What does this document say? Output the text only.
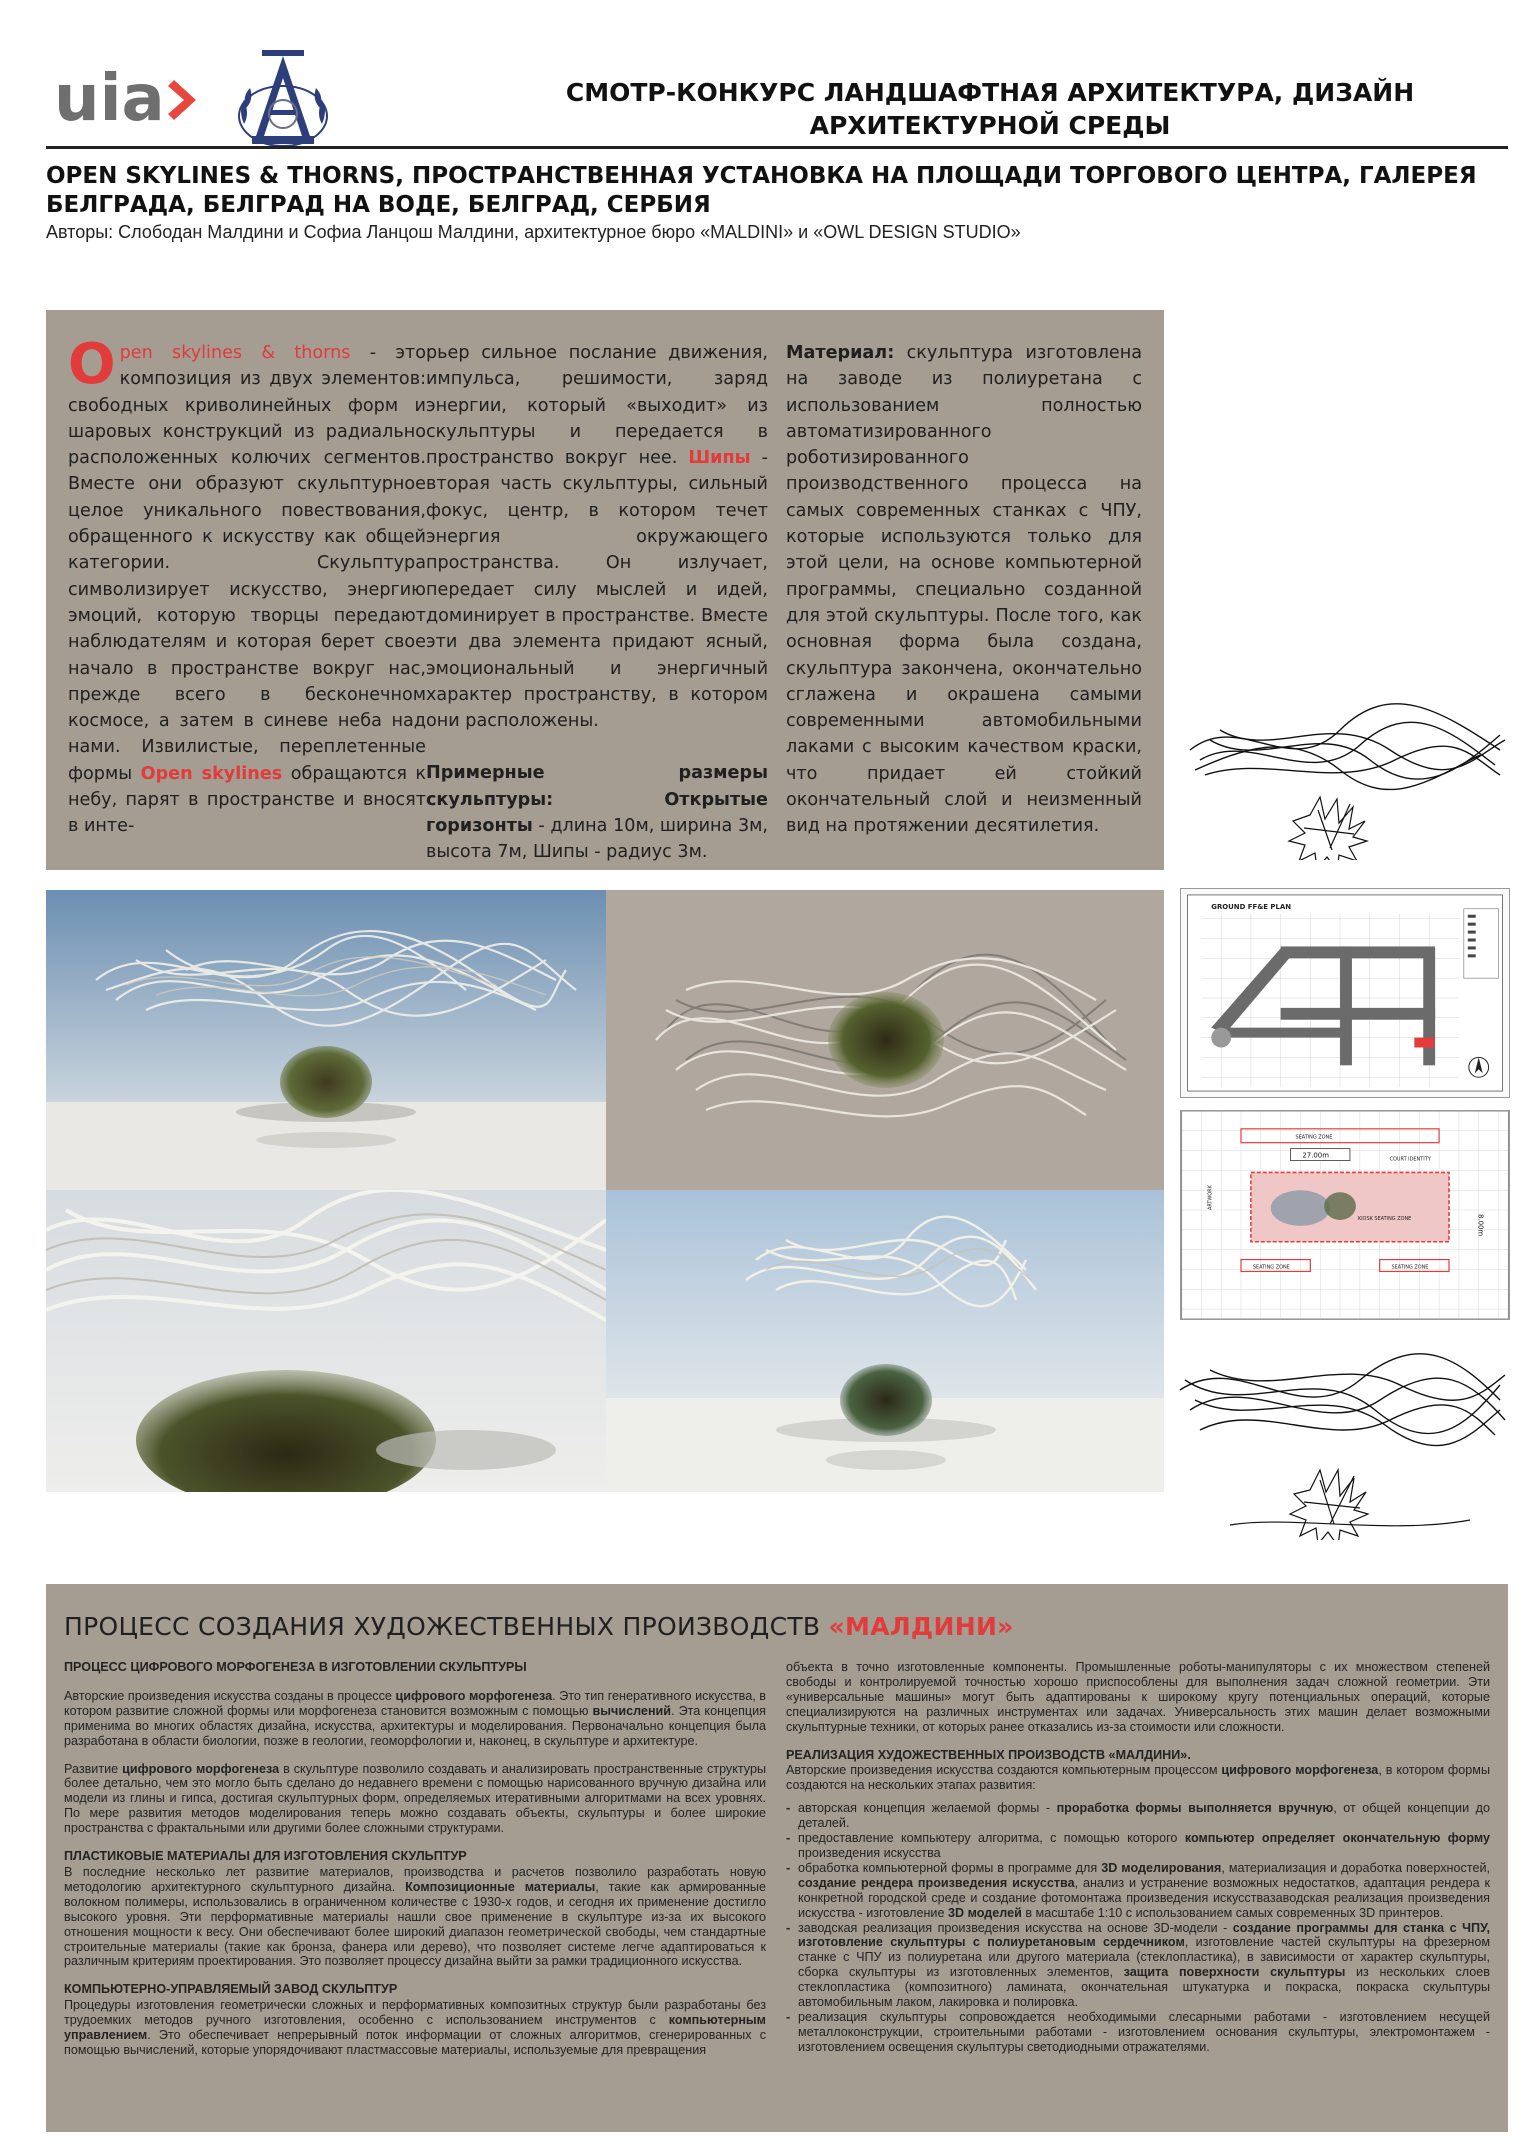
uia	СМОТР-КОНКУРС ЛАНДШАФТНАЯ АРХИТЕКТУРА, ДИЗАЙН АРХИТЕКТУРНОЙ СРЕДЫ
OPEN SKYLINES & THORNS, ПРОСТРАНСТВЕННАЯ УСТАНОВКА НА ПЛОЩАДИ ТОРГОВОГО ЦЕНТРА, ГАЛЕРЕЯ БЕЛГРАДА, БЕЛГРАД НА ВОДЕ, БЕЛГРАД, СЕРБИЯ
Авторы: Слободан Малдини и Софиа Ланцош Малдини, архитектурное бюро «MALDINI» и «OWL DESIGN STUDIO»
Open skylines & thorns - это композиция из двух элементов: свободных криволинейных форм и шаровых конструкций из радиально расположенных колючих сегментов. Вместе они образуют скульптурное целое уникального повествования, обращенного к искусству как общей категории. Скульптура символизирует искусство, энергию эмоций, которую творцы передают наблюдателям и которая берет свое начало в пространстве вокруг нас, прежде всего в бесконечном космосе, а затем в синеве неба над нами. Извилистые, переплетенные формы Open skylines обращаются к небу, парят в пространстве и вносят в инте-
рьер сильное послание движения, импульса, решимости, заряд энергии, который «выходит» из скульптуры и передается в пространство вокруг нее. Шипы - вторая часть скульптуры, сильный фокус, центр, в котором течет энергия окружающего пространства. Он излучает, передает силу мыслей и идей, доминирует в пространстве. Вместе эти два элемента придают ясный, эмоциональный и энергичный характер пространству, в котором они расположены.
Примерные размеры скульптуры: Открытые горизонты - длина 10м, ширина 3м, высота 7м, Шипы - радиус 3м.
Материал: скульптура изготовлена на заводе из полиуретана с использованием полностью автоматизированного роботизированного производственного процесса на самых современных станках с ЧПУ, которые используются только для этой цели, на основе компьютерной программы, специально созданной для этой скульптуры. После того, как основная форма была создана, скульптура закончена, окончательно сглажена и окрашена самыми современными автомобильными лаками с высоким качеством краски, что придает ей стойкий окончательный слой и неизменный вид на протяжении десятилетия.
GROUND FF&E PLAN
SEATING ZONE
COURT IDENTITY
27.00m
KIOSK SEATING ZONE	8.00m
ARTWORK
SEATING ZONE	SEATING ZONE
ПРОЦЕСС СОЗДАНИЯ ХУДОЖЕСТВЕННЫХ ПРОИЗВОДСТВ «МАЛДИНИ»
ПРОЦЕСС ЦИФРОВОГО МОРФОГЕНЕЗА В ИЗГОТОВЛЕНИИ СКУЛЬПТУРЫ

Авторские произведения искусства созданы в процессе цифрового морфогенеза. Это тип генеративного искусства, в котором развитие сложной формы или морфогенеза становится возможным с помощью вычислений. Эта концепция применима во многих областях дизайна, искусства, архитектуры и моделирования. Первоначально концепция была разработана в области биологии, позже в геологии, геоморфологии и, наконец, в скульптуре и архитектуре.

Развитие цифрового морфогенеза в скульптуре позволило создавать и анализировать пространственные структуры более детально, чем это могло быть сделано до недавнего времени с помощью нарисованного вручную дизайна или модели из глины и гипса, достигая скульптурных форм, определяемых итеративными алгоритмами на всех уровнях. По мере развития методов моделирования теперь можно создавать объекты, скульптуры и более широкие пространства с фрактальными или другими более сложными структурами.

ПЛАСТИКОВЫЕ МАТЕРИАЛЫ ДЛЯ ИЗГОТОВЛЕНИЯ СКУЛЬПТУР

В последние несколько лет развитие материалов, производства и расчетов позволило разработать новую методологию архитектурного скульптурного дизайна. Композиционные материалы, такие как армированные волокном полимеры, использовались в ограниченном количестве с 1930-х годов, и сегодня их применение достигло высокого уровня. Эти перформативные материалы нашли свое применение в скульптуре из-за их высокого отношения мощности к весу. Они обеспечивают более широкий диапазон геометрической свободы, чем стандартные строительные материалы (такие как бронза, фанера или дерево), что позволяет системе легче адаптироваться к различным критериям проектирования. Это позволяет процессу дизайна выйти за рамки традиционного искусства.

КОМПЬЮТЕРНО-УПРАВЛЯЕМЫЙ ЗАВОД СКУЛЬПТУР

Процедуры изготовления геометрически сложных и перформативных композитных структур были разработаны без трудоемких методов ручного изготовления, особенно с использованием инструментов с компьютерным управлением. Это обеспечивает непрерывный поток информации от сложных алгоритмов, сгенерированных с помощью вычислений, которые упорядочивают пластмассовые материалы, используемые для превращения

объекта в точно изготовленные компоненты. Промышленные роботы-манипуляторы с их множеством степеней свободы и контролируемой точностью хорошо приспособлены для выполнения задач сложной геометрии. Эти «универсальные машины» могут быть адаптированы к широкому кругу потенциальных операций, которые специализируются на различных инструментах или задачах. Универсальность этих машин делает возможными скульптурные техники, от которых ранее отказались из-за стоимости или сложности.

РЕАЛИЗАЦИЯ ХУДОЖЕСТВЕННЫХ ПРОИЗВОДСТВ «МАЛДИНИ».

Авторские произведения искусства создаются компьютерным процессом цифрового морфогенеза, в котором формы создаются на нескольких этапах развития:

- авторская концепция желаемой формы - проработка формы выполняется вручную, от общей концепции до деталей.
- предоставление компьютеру алгоритма, с помощью которого компьютер определяет окончательную форму произведения искусства
- обработка компьютерной формы в программе для 3D моделирования, материализация и доработка поверхностей, создание рендера произведения искусства, анализ и устранение возможных недостатков, адаптация рендера к конкретной городской среде и создание фотомонтажа произведения искусствазаводская реализация произведения искусства - изготовление 3D моделей в масштабе 1:10 с использованием самых современных 3D принтеров.
- заводская реализация произведения искусства на основе 3D-модели - создание программы для станка с ЧПУ, изготовление скульптуры с полиуретановым сердечником, изготовление частей скульптуры на фрезерном станке с ЧПУ из полиуретана или другого материала (стеклопластика), в зависимости от характер скульптуры, сборка скульптуры из изготовленных элементов, защита поверхности скульптуры из нескольких слоев стеклопластика (композитного) ламината, окончательная штукатурка и покраска, покраска скульптуры автомобильным лаком, лакировка и полировка.
- реализация скульптуры сопровождается необходимыми слесарными работами - изготовлением несущей металлоконструкции, строительными работами - изготовлением основания скульптуры, электромонтажем - изготовлением освещения скульптуры светодиодными отражателями.
